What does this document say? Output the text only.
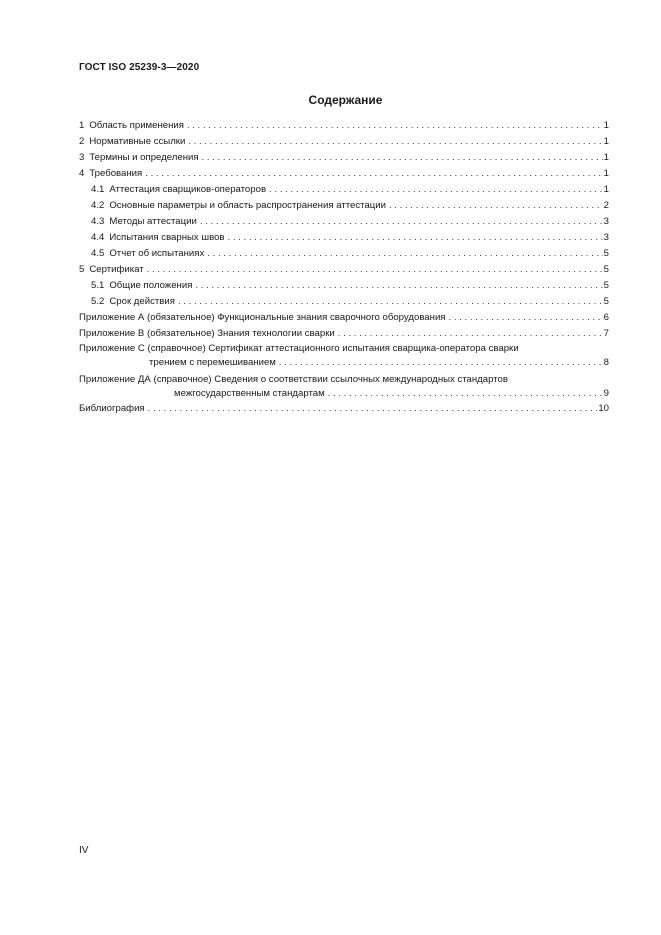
ГОСТ ISO 25239-3—2020
Содержание
1 Область применения . . .	1
2 Нормативные ссылки . . .	1
3 Термины и определения . . .	1
4 Требования . . .	1
4.1 Аттестация сварщиков-операторов . . .	1
4.2 Основные параметры и область распространения аттестации . . .	2
4.3 Методы аттестации . . .	3
4.4 Испытания сварных швов . . .	3
4.5 Отчет об испытаниях . . .	5
5 Сертификат . . .	5
5.1 Общие положения . . .	5
5.2 Срок действия . . .	5
Приложение А (обязательное) Функциональные знания сварочного оборудования . . .	6
Приложение В (обязательное) Знания технологии сварки . . .	7
Приложение С (справочное) Сертификат аттестационного испытания сварщика-оператора сварки
трением с перемешиванием . . .	8
Приложение ДА (справочное) Сведения о соответствии ссылочных международных стандартов
межгосударственным стандартам . . .	9
Библиография . . .	10
IV
